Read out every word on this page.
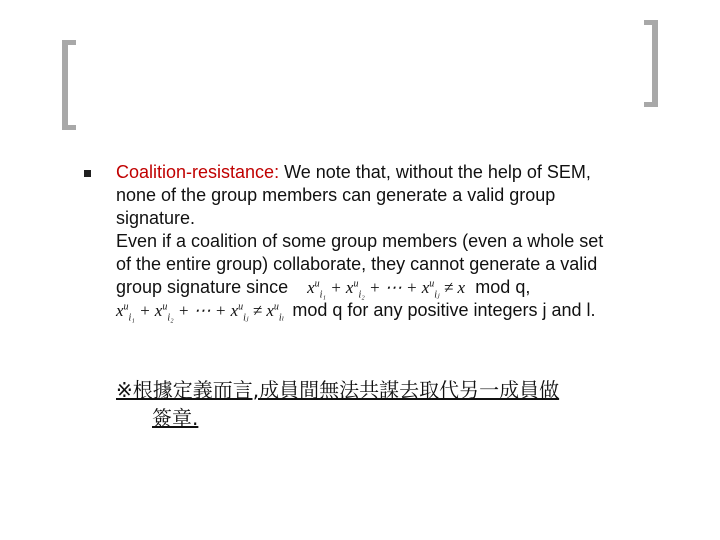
Coalition-resistance: We note that, without the help of SEM,
none of the group members can generate a valid group
signature.
Even if a coalition of some group members (even a whole set
of the entire group) collaborate, they cannot generate a valid
group signature since $x^u_{i_1} + x^u_{i_2}$ + ⋯ + $x^u_{iⱼ} \ne x$ mod q,
$x^u_{i_1} + x^u_{i_2}$ + ⋯ + $x^u_{iⱼ} \ne x^u_{i_l}$ mod q for any positive integers j and l.
※根據定義而言,成員間無法共謀去取代另一成員做
簽章.
